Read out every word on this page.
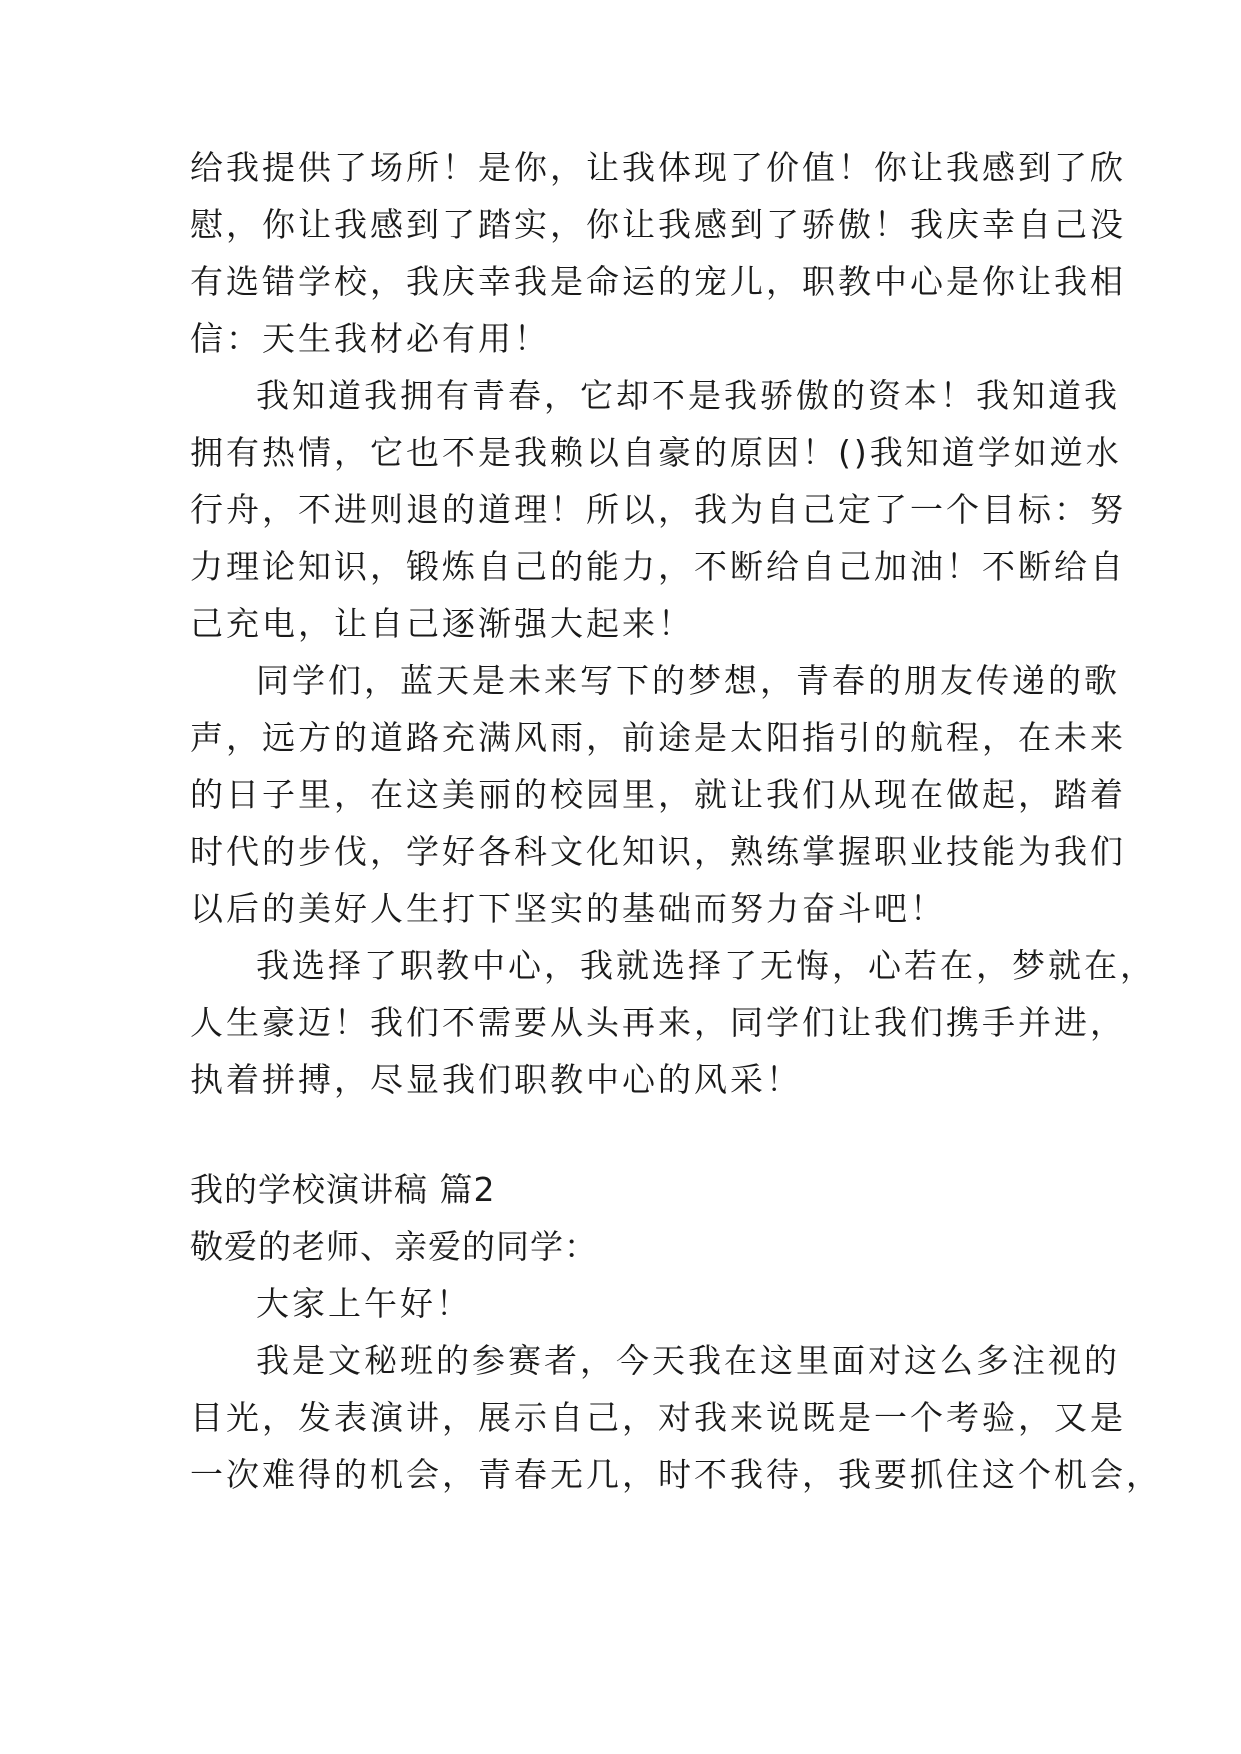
给我提供了场所！是你，让我体现了价值！你让我感到了欣
慰，你让我感到了踏实，你让我感到了骄傲！我庆幸自己没
有选错学校，我庆幸我是命运的宠儿，职教中心是你让我相
信：天生我材必有用！
我知道我拥有青春，它却不是我骄傲的资本！我知道我
拥有热情，它也不是我赖以自豪的原因！()我知道学如逆水
行舟，不进则退的道理！所以，我为自己定了一个目标：努
力理论知识，锻炼自己的能力，不断给自己加油！不断给自
己充电，让自己逐渐强大起来！
同学们，蓝天是未来写下的梦想，青春的朋友传递的歌
声，远方的道路充满风雨，前途是太阳指引的航程，在未来
的日子里，在这美丽的校园里，就让我们从现在做起，踏着
时代的步伐，学好各科文化知识，熟练掌握职业技能为我们
以后的美好人生打下坚实的基础而努力奋斗吧！
我选择了职教中心，我就选择了无悔，心若在，梦就在，
人生豪迈！我们不需要从头再来，同学们让我们携手并进，
执着拼搏，尽显我们职教中心的风采！
我的学校演讲稿 篇2
敬爱的老师、亲爱的同学：
大家上午好！
我是文秘班的参赛者，今天我在这里面对这么多注视的
目光，发表演讲，展示自己，对我来说既是一个考验，又是
一次难得的机会，青春无几，时不我待，我要抓住这个机会，
